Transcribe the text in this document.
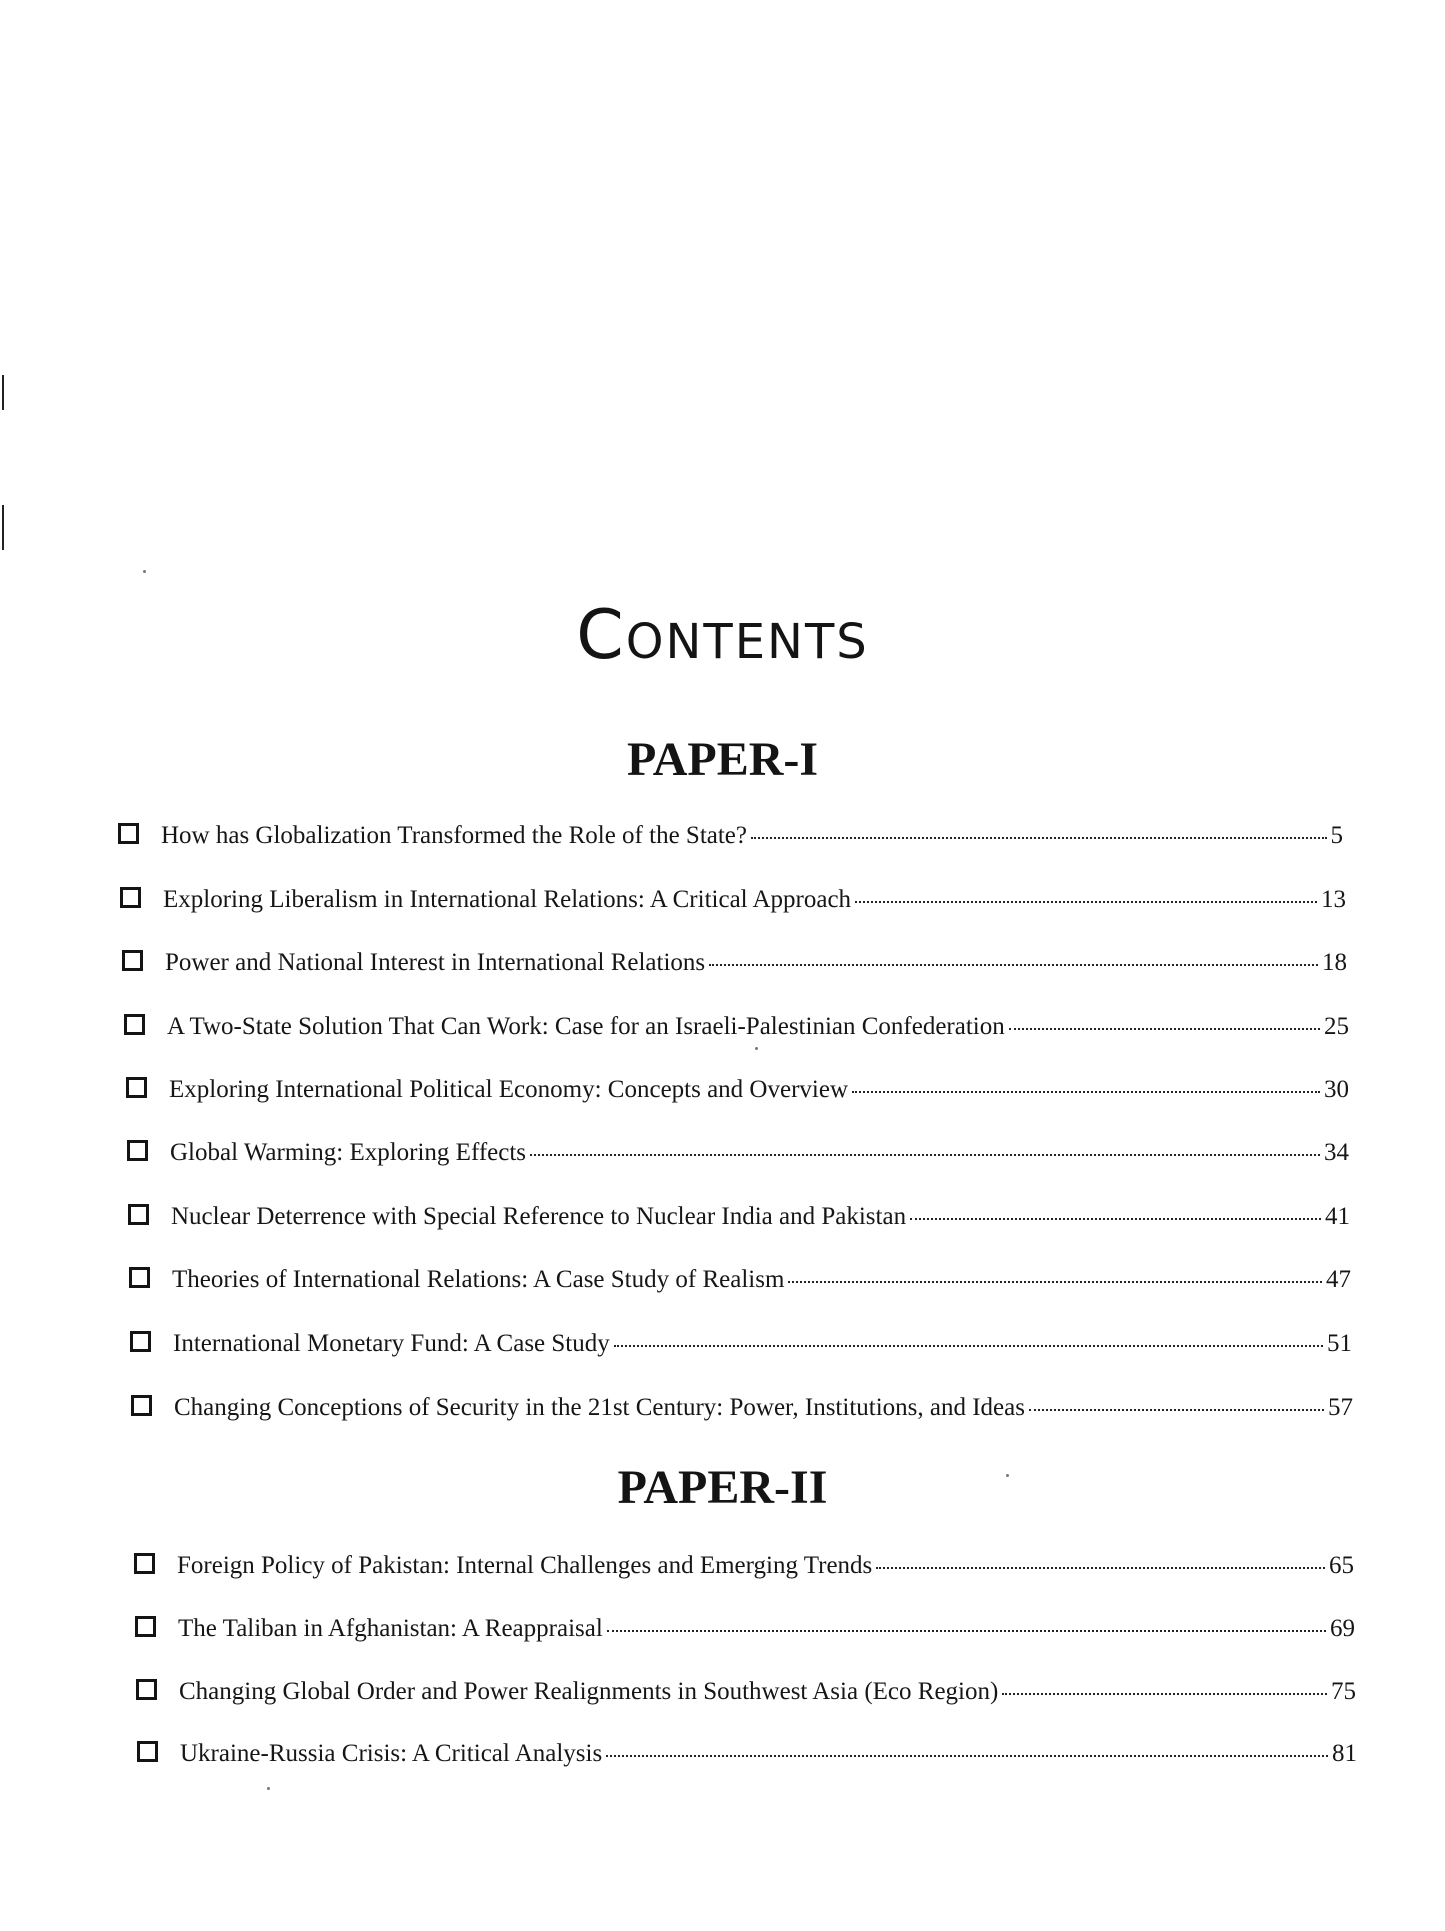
Contents
PAPER-I
How has Globalization Transformed the Role of the State?	5
Exploring Liberalism in International Relations: A Critical Approach	13
Power and National Interest in International Relations	18
A Two-State Solution That Can Work: Case for an Israeli-Palestinian Confederation	25
Exploring International Political Economy: Concepts and Overview	30
Global Warming: Exploring Effects	34
Nuclear Deterrence with Special Reference to Nuclear India and Pakistan	41
Theories of International Relations: A Case Study of Realism	47
International Monetary Fund: A Case Study	51
Changing Conceptions of Security in the 21st Century: Power, Institutions, and Ideas	57
PAPER-II
Foreign Policy of Pakistan: Internal Challenges and Emerging Trends	65
The Taliban in Afghanistan: A Reappraisal	69
Changing Global Order and Power Realignments in Southwest Asia (Eco Region)	75
Ukraine-Russia Crisis: A Critical Analysis	81
